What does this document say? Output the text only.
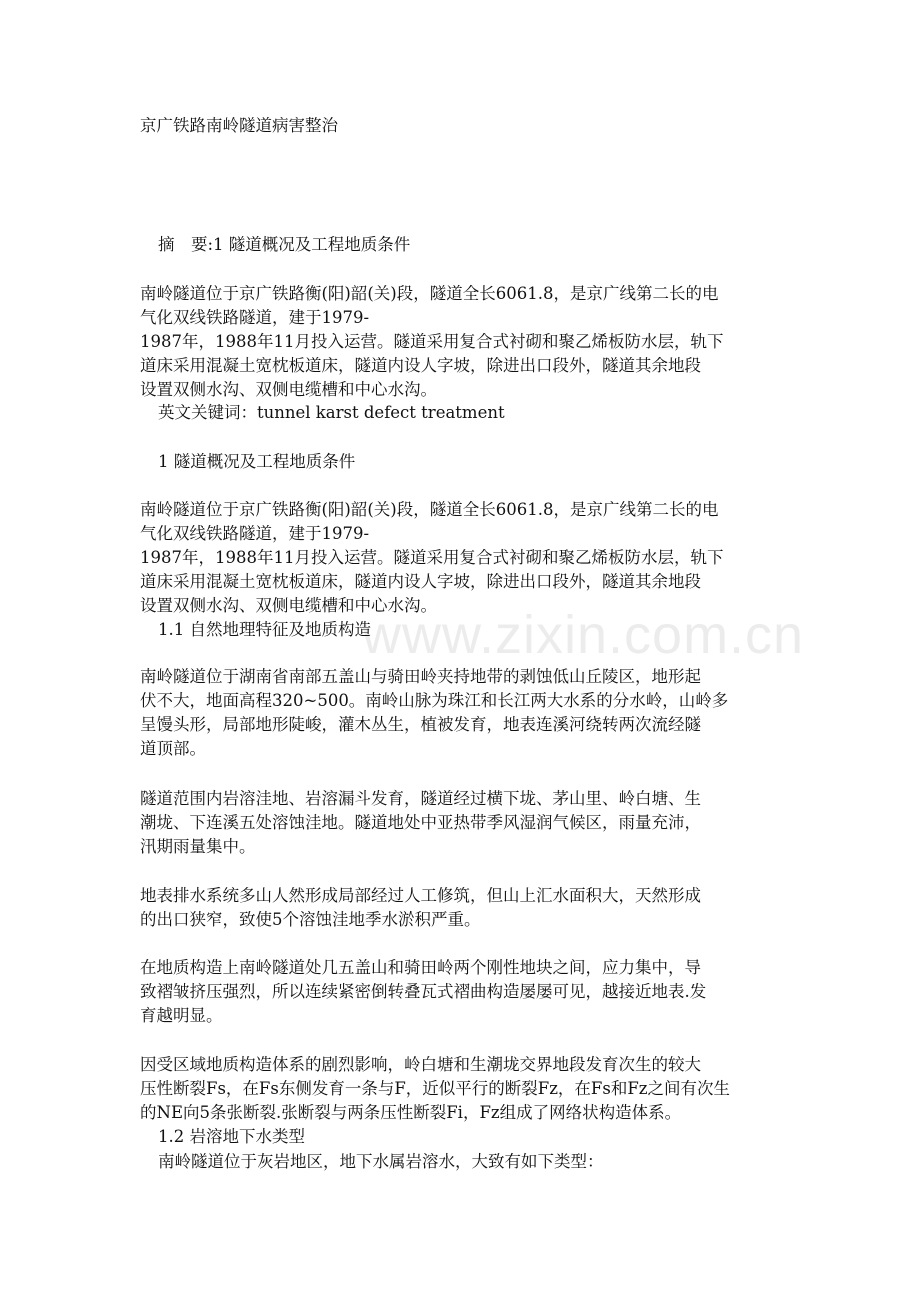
www.zixin.com.cn
京广铁路南岭隧道病害整治
摘　要:1 隧道概况及工程地质条件
南岭隧道位于京广铁路衡(阳)韶(关)段，隧道全长6061.8，是京广线第二长的电
气化双线铁路隧道，建于1979-
1987年，1988年11月投入运营。隧道采用复合式衬砌和聚乙烯板防水层，轨下
道床采用混凝土宽枕板道床，隧道内设人字坡，除进出口段外，隧道其余地段
设置双侧水沟、双侧电缆槽和中心水沟。
英文关键词：tunnel karst defect treatment
1 隧道概况及工程地质条件
南岭隧道位于京广铁路衡(阳)韶(关)段，隧道全长6061.8，是京广线第二长的电
气化双线铁路隧道，建于1979-
1987年，1988年11月投入运营。隧道采用复合式衬砌和聚乙烯板防水层，轨下
道床采用混凝土宽枕板道床，隧道内设人字坡，除进出口段外，隧道其余地段
设置双侧水沟、双侧电缆槽和中心水沟。
1.1 自然地理特征及地质构造
南岭隧道位于湖南省南部五盖山与骑田岭夹持地带的剥蚀低山丘陵区，地形起
伏不大，地面高程320~500。南岭山脉为珠江和长江两大水系的分水岭，山岭多
呈馒头形，局部地形陡峻，灌木丛生，植被发育，地表连溪河绕转两次流经隧
道顶部。
隧道范围内岩溶洼地、岩溶漏斗发育，隧道经过横下垅、茅山里、岭白塘、生
潮垅、下连溪五处溶蚀洼地。隧道地处中亚热带季风湿润气候区，雨量充沛，
汛期雨量集中。
地表排水系统多山人然形成局部经过人工修筑，但山上汇水面积大，天然形成
的出口狭窄，致使5个溶蚀洼地季水淤积严重。
在地质构造上南岭隧道处几五盖山和骑田岭两个刚性地块之间，应力集中，导
致褶皱挤压强烈，所以连续紧密倒转叠瓦式褶曲构造屡屡可见，越接近地表.发
育越明显。
因受区域地质构造体系的剧烈影响，岭白塘和生潮垅交界地段发育次生的较大
压性断裂Fs，在Fs东侧发育一条与F，近似平行的断裂Fz，在Fs和Fz之间有次生
的NE向5条张断裂.张断裂与两条压性断裂Fi，Fz组成了网络状构造体系。
1.2 岩溶地下水类型
南岭隧道位于灰岩地区，地下水属岩溶水，大致有如下类型：
